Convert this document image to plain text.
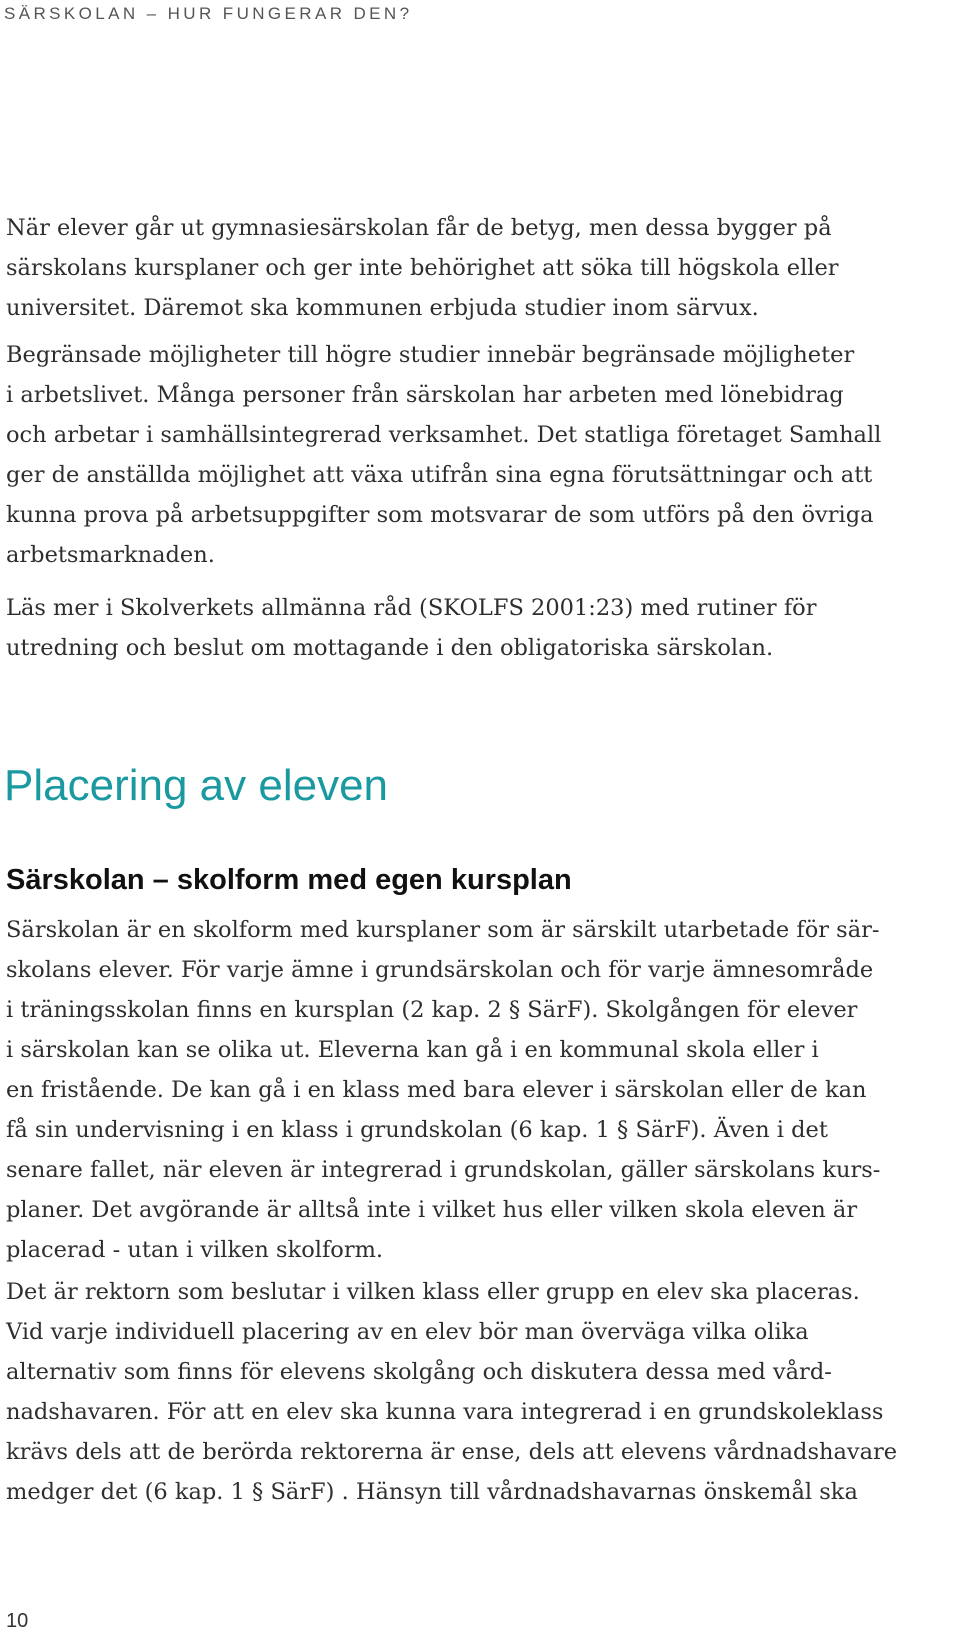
SÄRSKOLAN – HUR FUNGERAR DEN?

När elever går ut gymnasiesärskolan får de betyg, men dessa bygger på
särskolans kursplaner och ger inte behörighet att söka till högskola eller
universitet. Däremot ska kommunen erbjuda studier inom särvux.

Begränsade möjligheter till högre studier innebär begränsade möjligheter
i arbetslivet. Många personer från särskolan har arbeten med lönebidrag
och arbetar i samhällsintegrerad verksamhet. Det statliga företaget Samhall
ger de anställda möjlighet att växa utifrån sina egna förutsättningar och att
kunna prova på arbetsuppgifter som motsvarar de som utförs på den övriga
arbetsmarknaden.

Läs mer i Skolverkets allmänna råd (SKOLFS 2001:23) med rutiner för
utredning och beslut om mottagande i den obligatoriska särskolan.

Placering av eleven
Särskolan – skolform med egen kursplan

Särskolan är en skolform med kursplaner som är särskilt utarbetade för sär-
skolans elever. För varje ämne i grundsärskolan och för varje ämnesområde
i träningsskolan finns en kursplan (2 kap. 2 § SärF). Skolgången för elever
i särskolan kan se olika ut. Eleverna kan gå i en kommunal skola eller i
en fristående. De kan gå i en klass med bara elever i särskolan eller de kan
få sin undervisning i en klass i grundskolan (6 kap. 1 § SärF). Även i det
senare fallet, när eleven är integrerad i grundskolan, gäller särskolans kurs-
planer. Det avgörande är alltså inte i vilket hus eller vilken skola eleven är
placerad - utan i vilken skolform.

Det är rektorn som beslutar i vilken klass eller grupp en elev ska placeras.
Vid varje individuell placering av en elev bör man överväga vilka olika
alternativ som finns för elevens skolgång och diskutera dessa med vård-
nadshavaren. För att en elev ska kunna vara integrerad i en grundskoleklass
krävs dels att de berörda rektorerna är ense, dels att elevens vårdnadshavare
medger det (6 kap. 1 § SärF) . Hänsyn till vårdnadshavarnas önskemål ska

10
